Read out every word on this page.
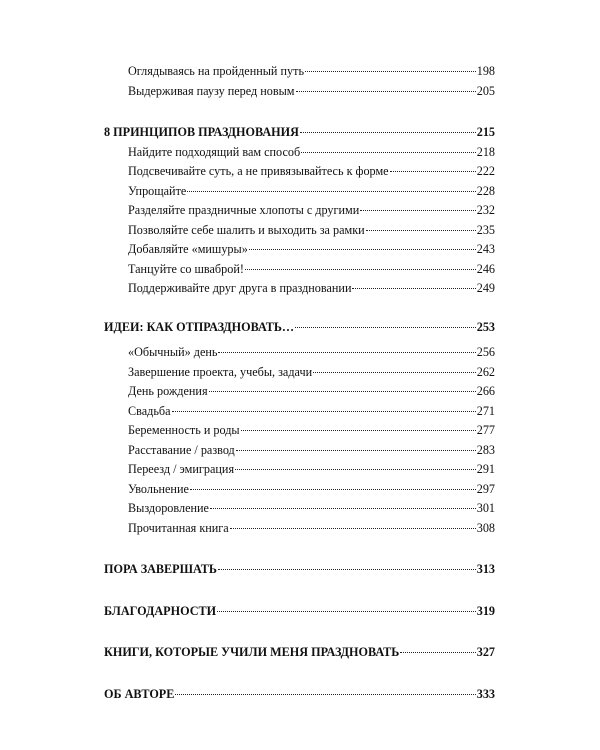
Оглядываясь на пройденный путь	198
Выдерживая паузу перед новым	205
8 ПРИНЦИПОВ ПРАЗДНОВАНИЯ	215
Найдите подходящий вам способ	218
Подсвечивайте суть, а не привязывайтесь к форме	222
Упрощайте	228
Разделяйте праздничные хлопоты с другими	232
Позволяйте себе шалить и выходить за рамки	235
Добавляйте «мишуры»	243
Танцуйте со шваброй!	246
Поддерживайте друг друга в праздновании	249
ИДЕИ: КАК ОТПРАЗДНОВАТЬ…	253
«Обычный» день	256
Завершение проекта, учебы, задачи	262
День рождения	266
Свадьба	271
Беременность и роды	277
Расставание / развод	283
Переезд / эмиграция	291
Увольнение	297
Выздоровление	301
Прочитанная книга	308
ПОРА ЗАВЕРШАТЬ	313
БЛАГОДАРНОСТИ	319
КНИГИ, КОТОРЫЕ УЧИЛИ МЕНЯ ПРАЗДНОВАТЬ	327
ОБ АВТОРЕ	333
